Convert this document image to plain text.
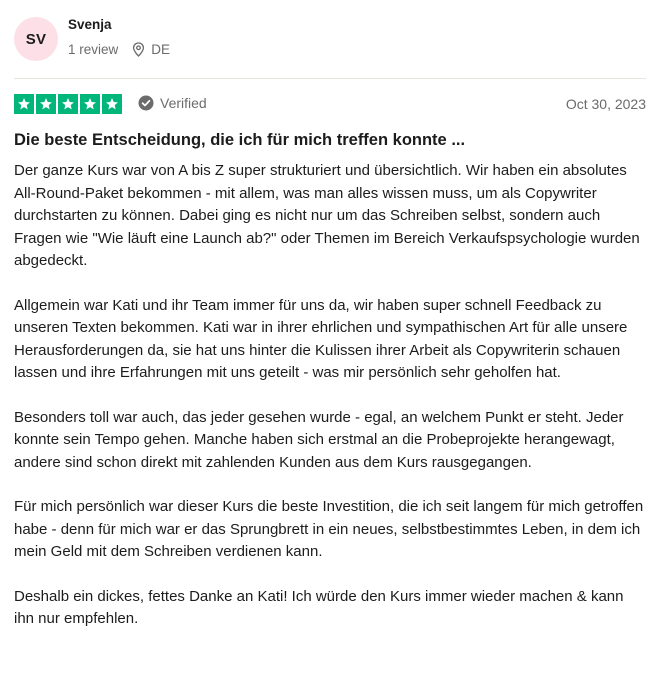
SV
Svenja
1 review DE
Verified	Oct 30, 2023
Die beste Entscheidung, die ich für mich treffen konnte ...

Der ganze Kurs war von A bis Z super strukturiert und übersichtlich. Wir haben ein absolutes All-Round-Paket bekommen - mit allem, was man alles wissen muss, um als Copywriter durchstarten zu können. Dabei ging es nicht nur um das Schreiben selbst, sondern auch Fragen wie "Wie läuft eine Launch ab?" oder Themen im Bereich Verkaufspsychologie wurden abgedeckt.

Allgemein war Kati und ihr Team immer für uns da, wir haben super schnell Feedback zu unseren Texten bekommen. Kati war in ihrer ehrlichen und sympathischen Art für alle unsere Herausforderungen da, sie hat uns hinter die Kulissen ihrer Arbeit als Copywriterin schauen lassen und ihre Erfahrungen mit uns geteilt - was mir persönlich sehr geholfen hat.

Besonders toll war auch, das jeder gesehen wurde - egal, an welchem Punkt er steht. Jeder konnte sein Tempo gehen. Manche haben sich erstmal an die Probeprojekte herangewagt, andere sind schon direkt mit zahlenden Kunden aus dem Kurs rausgegangen.

Für mich persönlich war dieser Kurs die beste Investition, die ich seit langem für mich getroffen habe - denn für mich war er das Sprungbrett in ein neues, selbstbestimmtes Leben, in dem ich mein Geld mit dem Schreiben verdienen kann.

Deshalb ein dickes, fettes Danke an Kati! Ich würde den Kurs immer wieder machen & kann ihn nur empfehlen.
